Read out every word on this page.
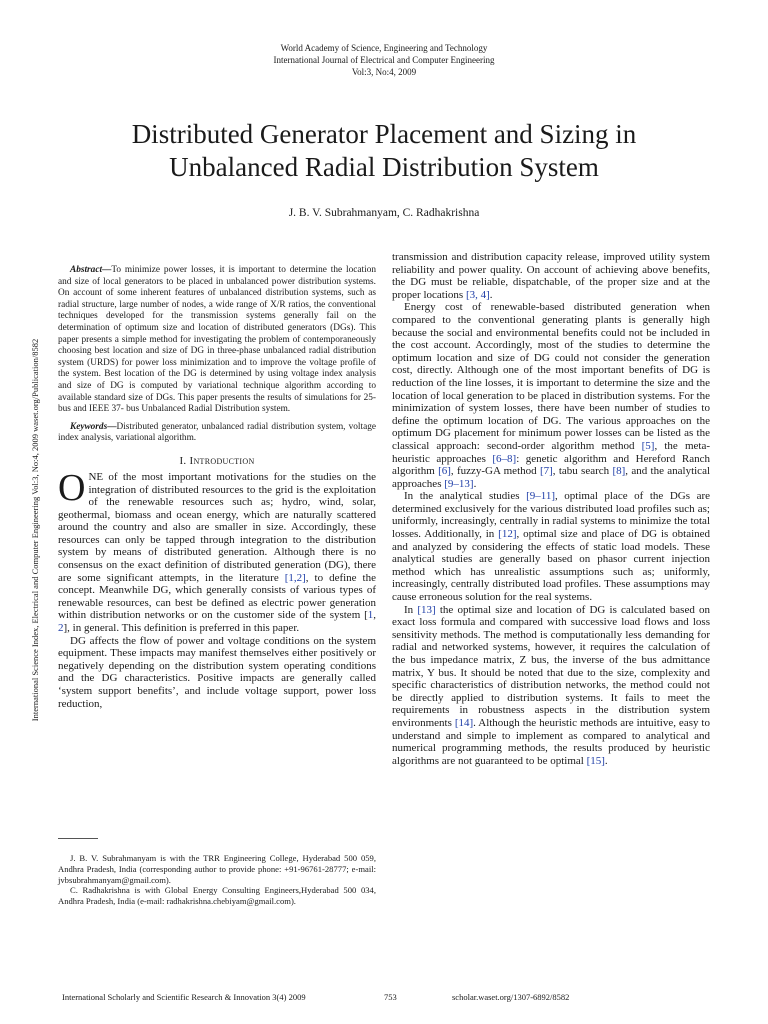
World Academy of Science, Engineering and Technology
International Journal of Electrical and Computer Engineering
Vol:3, No:4, 2009
Distributed Generator Placement and Sizing in
Unbalanced Radial Distribution System
J. B. V. Subrahmanyam, C. Radhakrishna
International Science Index, Electrical and Computer Engineering Vol:3, No:4, 2009 waset.org/Publication/8582

Abstract—To minimize power losses, it is important to determine the location and size of local generators to be placed in unbalanced power distribution systems. On account of some inherent features of unbalanced distribution systems, such as radial structure, large number of nodes, a wide range of X/R ratios, the conventional techniques developed for the transmission systems generally fail on the determination of optimum size and location of distributed generators (DGs). This paper presents a simple method for investigating the problem of contemporaneously choosing best location and size of DG in three-phase unbalanced radial distribution system (URDS) for power loss minimization and to improve the voltage profile of the system. Best location of the DG is determined by using voltage index analysis and size of DG is computed by variational technique algorithm according to available standard size of DGs. This paper presents the results of simulations for 25-bus and IEEE 37- bus Unbalanced Radial Distribution system.

Keywords—Distributed generator, unbalanced radial distribution system, voltage index analysis, variational algorithm.

I. Introduction

ONE of the most important motivations for the studies on the integration of distributed resources to the grid is the exploitation of the renewable resources such as; hydro, wind, solar, geothermal, biomass and ocean energy, which are naturally scattered around the country and also are smaller in size. Accordingly, these resources can only be tapped through integration to the distribution system by means of distributed generation. Although there is no consensus on the exact definition of distributed generation (DG), there are some significant attempts, in the literature [1,2], to define the concept. Meanwhile DG, which generally consists of various types of renewable resources, can best be defined as electric power generation within distribution networks or on the customer side of the system [1, 2], in general. This definition is preferred in this paper.

DG affects the flow of power and voltage conditions on the system equipment. These impacts may manifest themselves either positively or negatively depending on the distribution system operating conditions and the DG characteristics. Positive impacts are generally called ‘system support benefits’, and include voltage support, power loss reduction,

J. B. V. Subrahmanyam is with the TRR Engineering College, Hyderabad 500 059, Andhra Pradesh, India (corresponding author to provide phone: +91-96761-28777; e-mail: jvbsubrahmanyam@gmail.com).

C. Radhakrishna is with Global Energy Consulting Engineers,Hyderabad 500 034, Andhra Pradesh, India (e-mail: radhakrishna.chebiyam@gmail.com).

transmission and distribution capacity release, improved utility system reliability and power quality. On account of achieving above benefits, the DG must be reliable, dispatchable, of the proper size and at the proper locations [3, 4].

Energy cost of renewable-based distributed generation when compared to the conventional generating plants is generally high because the social and environmental benefits could not be included in the cost account. Accordingly, most of the studies to determine the optimum location and size of DG could not consider the generation cost, directly. Although one of the most important benefits of DG is reduction of the line losses, it is important to determine the size and the location of local generation to be placed in distribution systems. For the minimization of system losses, there have been number of studies to define the optimum location of DG. The various approaches on the optimum DG placement for minimum power losses can be listed as the classical approach: second-order algorithm method [5], the meta-heuristic approaches [6–8]: genetic algorithm and Hereford Ranch algorithm [6], fuzzy-GA method [7], tabu search [8], and the analytical approaches [9–13].

In the analytical studies [9–11], optimal place of the DGs are determined exclusively for the various distributed load profiles such as; uniformly, increasingly, centrally in radial systems to minimize the total losses. Additionally, in [12], optimal size and place of DG is obtained and analyzed by considering the effects of static load models. These analytical studies are generally based on phasor current injection method which has unrealistic assumptions such as; uniformly, increasingly, centrally distributed load profiles. These assumptions may cause erroneous solution for the real systems.

In [13] the optimal size and location of DG is calculated based on exact loss formula and compared with successive load flows and loss sensitivity methods. The method is computationally less demanding for radial and networked systems, however, it requires the calculation of the bus impedance matrix, Z bus, the inverse of the bus admittance matrix, Y bus. It should be noted that due to the size, complexity and specific characteristics of distribution networks, the method could not be directly applied to distribution systems. It fails to meet the requirements in robustness aspects in the distribution system environments [14]. Although the heuristic methods are intuitive, easy to understand and simple to implement as compared to analytical and numerical programming methods, the results produced by heuristic algorithms are not guaranteed to be optimal [15].

International Scholarly and Scientific Research & Innovation 3(4) 2009	753	scholar.waset.org/1307-6892/8582
